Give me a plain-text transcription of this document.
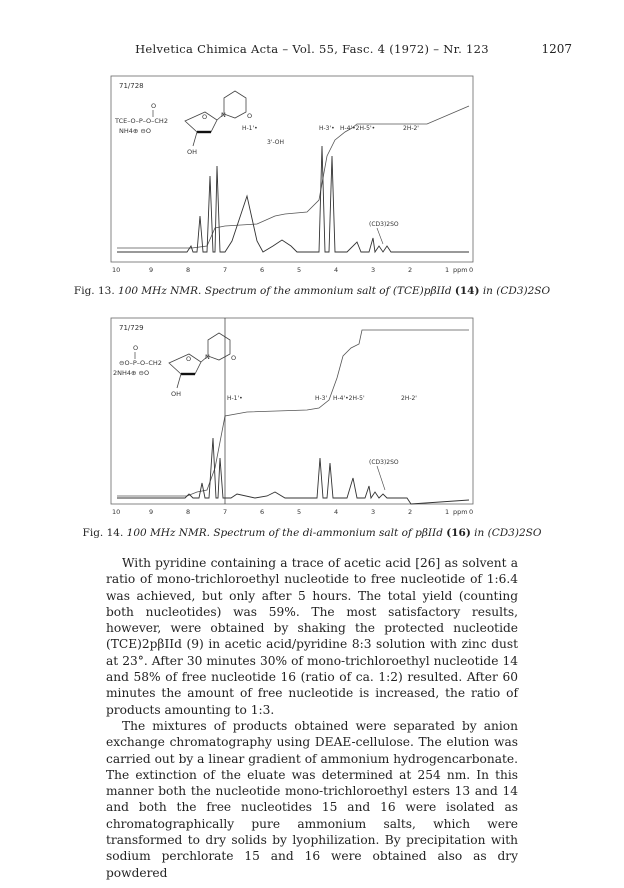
Helvetica Chimica Acta – Vol. 55, Fasc. 4 (1972) – Nr. 123	1207
71/728
O
TCE–O–P–O–CH2
NH4⊕ ⊖O
O N	O
OH
H-1'•
3'-OH
H-3'• H-4'•2H-5'•	2H-2'
(CD3)2SO
10	9	8	7	6	5	4	3	2	1 ppm 0
Fig. 13. 100 MHz NMR. Spectrum of the ammonium salt of (TCE)pβIId (14) in (CD3)2SO
71/729
O
⊖O–P–O–CH2
2NH4⊕ ⊖O
O N	O
OH
H-1'•	H-3' H-4'•2H-5'	2H-2'
(CD3)2SO
10	9	8	7	6	5	4	3	2	1 ppm 0
Fig. 14. 100 MHz NMR. Spectrum of the di-ammonium salt of pβIId (16) in (CD3)2SO

With pyridine containing a trace of acetic acid [26] as solvent a ratio of mono-trichloroethyl nucleotide to free nucleotide of 1:6.4 was achieved, but only after 5 hours. The total yield (counting both nucleotides) was 59%. The most satisfactory results, however, were obtained by shaking the protected nucleotide (TCE)2pβIId (9) in acetic acid/pyridine 8:3 solution with zinc dust at 23°. After 30 minutes 30% of mono-trichloroethyl nucleotide 14 and 58% of free nucleotide 16 (ratio of ca. 1:2) resulted. After 60 minutes the amount of free nucleotide is increased, the ratio of products amounting to 1:3.

The mixtures of products obtained were separated by anion exchange chromatography using DEAE-cellulose. The elution was carried out by a linear gradient of ammonium hydrogencarbonate. The extinction of the eluate was determined at 254 nm. In this manner both the nucleotide mono-trichloroethyl esters 13 and 14 and both the free nucleotides 15 and 16 were isolated as chromatographically pure ammonium salts, which were transformed to dry solids by lyophilization. By precipitation with sodium perchlorate 15 and 16 were obtained also as dry powdered
